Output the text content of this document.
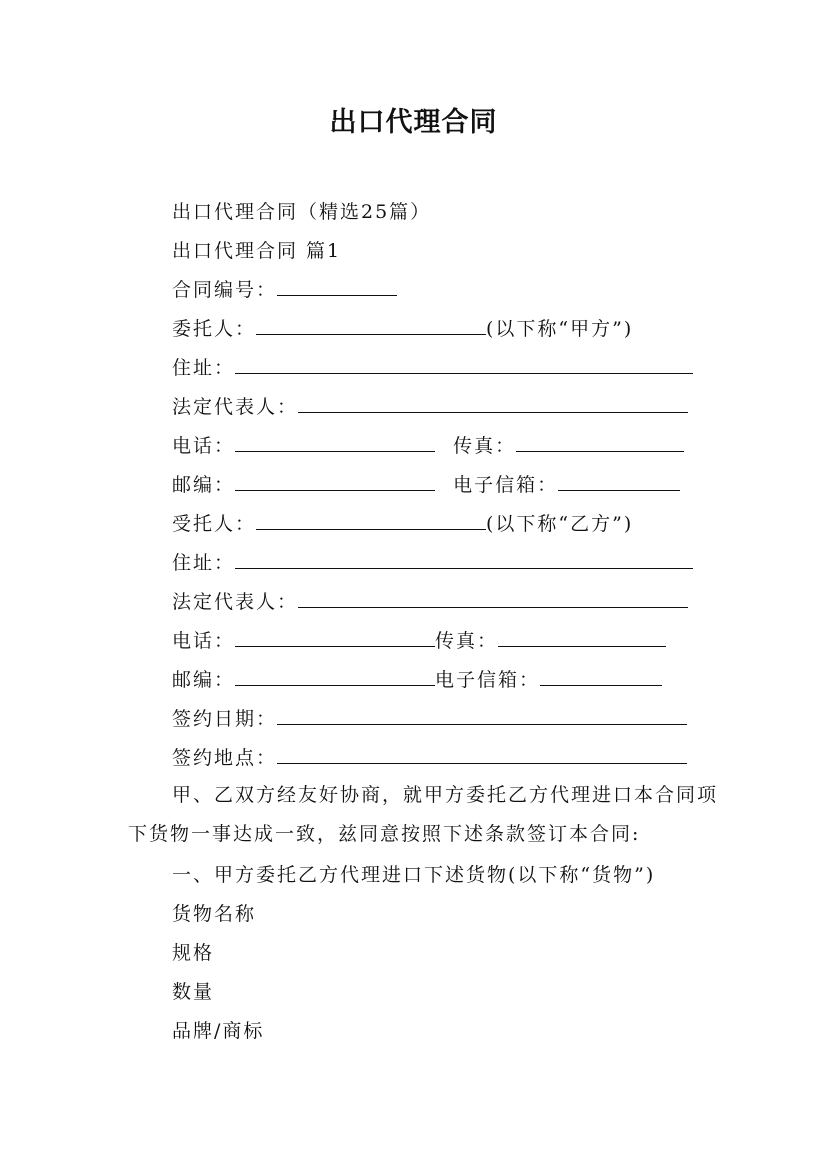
出口代理合同
出口代理合同（精选25篇）
出口代理合同 篇1
合同编号：
委托人：	(以下称“甲方”)
住址：
法定代表人：
电话：	传真：
邮编：	电子信箱：
受托人：	(以下称“乙方”)
住址：
法定代表人：
电话：	传真：
邮编：	电子信箱：
签约日期：
签约地点：
甲、乙双方经友好协商，就甲方委托乙方代理进口本合同项下货物一事达成一致，兹同意按照下述条款签订本合同:
一、甲方委托乙方代理进口下述货物(以下称“货物”)
货物名称
规格
数量
品牌/商标
